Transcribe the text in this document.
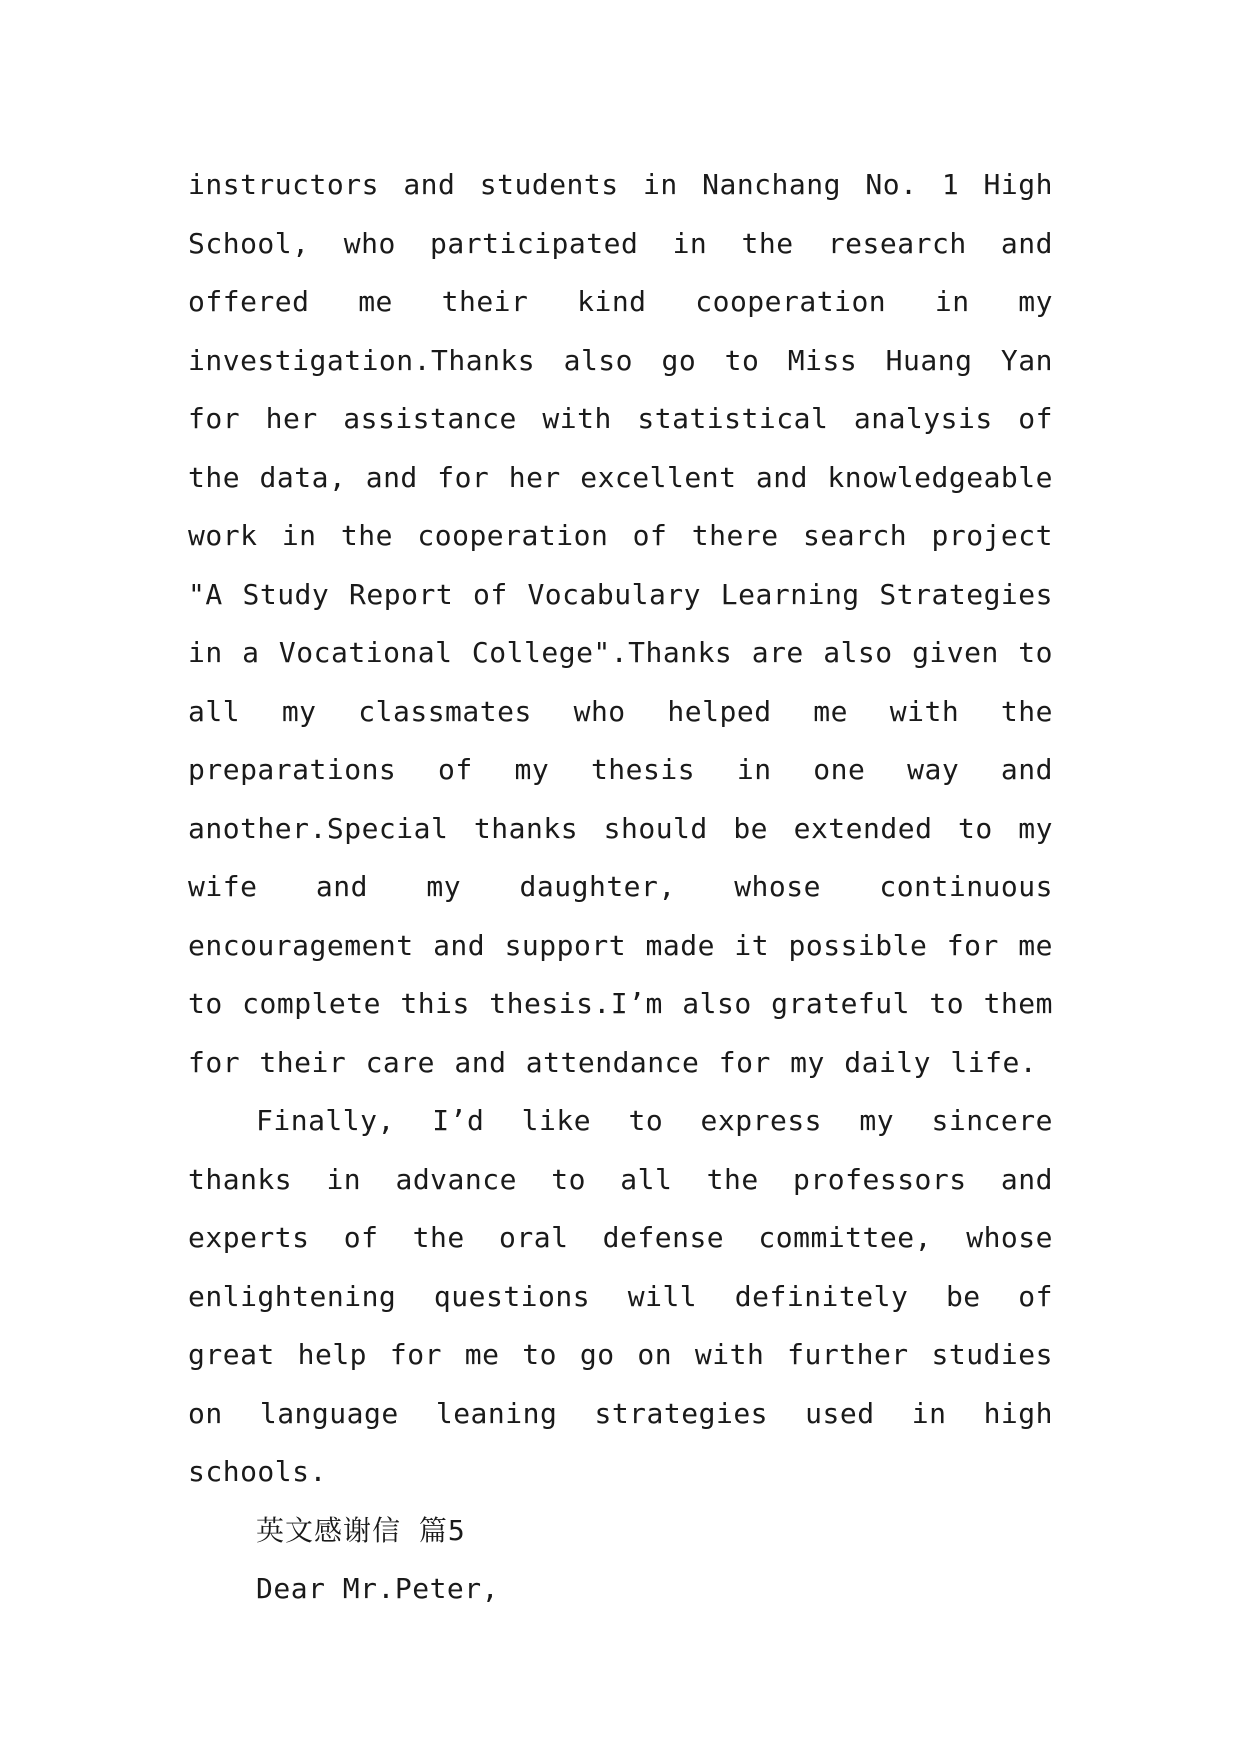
instructors and students in Nanchang No. 1 High School, who participated in the research and offered me their kind cooperation in my investigation.Thanks also go to Miss Huang Yan for her assistance with statistical analysis of the data, and for her excellent and knowledgeable work in the cooperation of there search project "A Study Report of Vocabulary Learning Strategies in a Vocational College".Thanks are also given to all my classmates who helped me with the preparations of my thesis in one way and another.Special thanks should be extended to my wife and my daughter, whose continuous encouragement and support made it possible for me to complete this thesis.I’m also grateful to them for their care and attendance for my daily life.

Finally, I’d like to express my sincere thanks in advance to all the professors and experts of the oral defense committee, whose enlightening questions will definitely be of great help for me to go on with further studies on language leaning strategies used in high schools.

英文感谢信 篇5

Dear Mr.Peter,
